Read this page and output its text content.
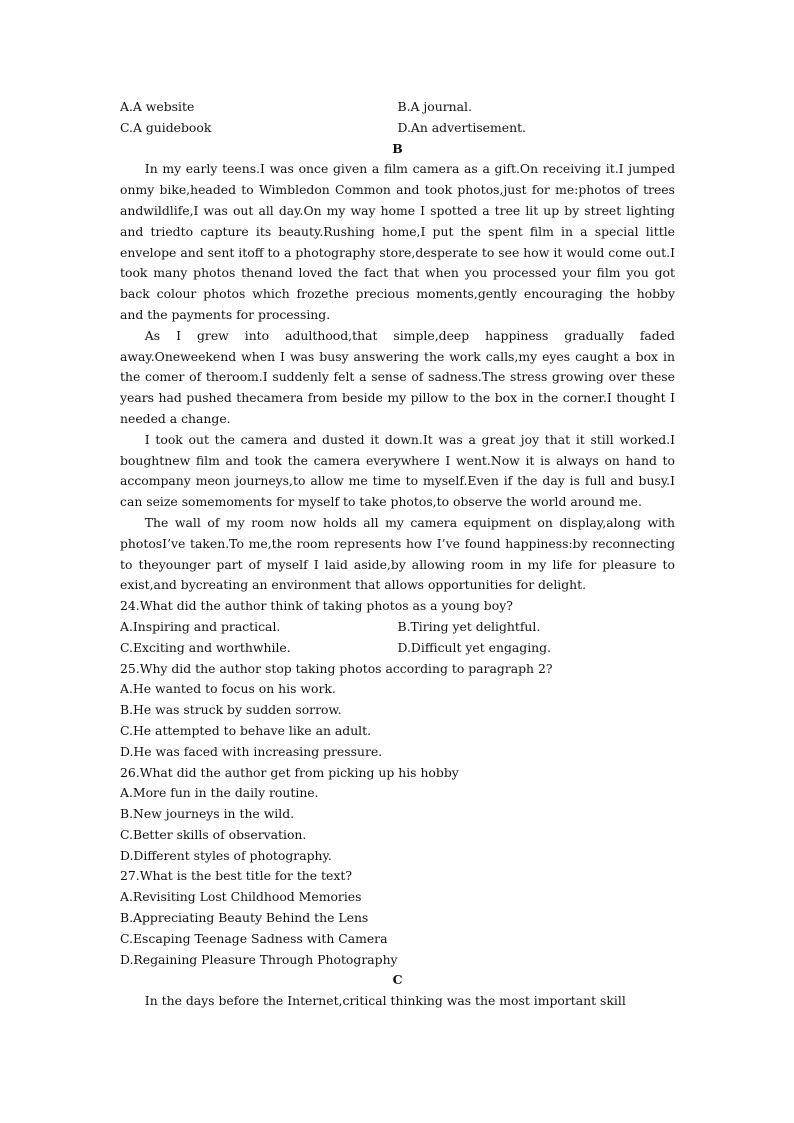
A.A website	B.A journal.
C.A guidebook	D.An advertisement.
B

In my early teens.I was once given a film camera as a gift.On receiving it.I jumped onmy bike,headed to Wimbledon Common and took photos,just for me:photos of trees andwildlife,I was out all day.On my way home I spotted a tree lit up by street lighting and triedto capture its beauty.Rushing home,I put the spent film in a special little envelope and sent itoff to a photography store,desperate to see how it would come out.I took many photos thenand loved the fact that when you processed your film you got back colour photos which frozethe precious moments,gently encouraging the hobby and the payments for processing.

As I grew into adulthood,that simple,deep happiness gradually faded away.Oneweekend when I was busy answering the work calls,my eyes caught a box in the comer of theroom.I suddenly felt a sense of sadness.The stress growing over these years had pushed thecamera from beside my pillow to the box in the corner.I thought I needed a change.

I took out the camera and dusted it down.It was a great joy that it still worked.I boughtnew film and took the camera everywhere I went.Now it is always on hand to accompany meon journeys,to allow me time to myself.Even if the day is full and busy.I can seize somemoments for myself to take photos,to observe the world around me.

The wall of my room now holds all my camera equipment on display,along with photosI’ve taken.To me,the room represents how I’ve found happiness:by reconnecting to theyounger part of myself I laid aside,by allowing room in my life for pleasure to exist,and bycreating an environment that allows opportunities for delight.

24.What did the author think of taking photos as a young boy?
A.Inspiring and practical.	B.Tiring yet delightful.
C.Exciting and worthwhile.	D.Difficult yet engaging.
25.Why did the author stop taking photos according to paragraph 2?
A.He wanted to focus on his work.
B.He was struck by sudden sorrow.
C.He attempted to behave like an adult.
D.He was faced with increasing pressure.
26.What did the author get from picking up his hobby
A.More fun in the daily routine.
B.New journeys in the wild.
C.Better skills of observation.
D.Different styles of photography.
27.What is the best title for the text?
A.Revisiting Lost Childhood Memories
B.Appreciating Beauty Behind the Lens
C.Escaping Teenage Sadness with Camera
D.Regaining Pleasure Through Photography
C

In the days before the Internet,critical thinking was the most important skill
